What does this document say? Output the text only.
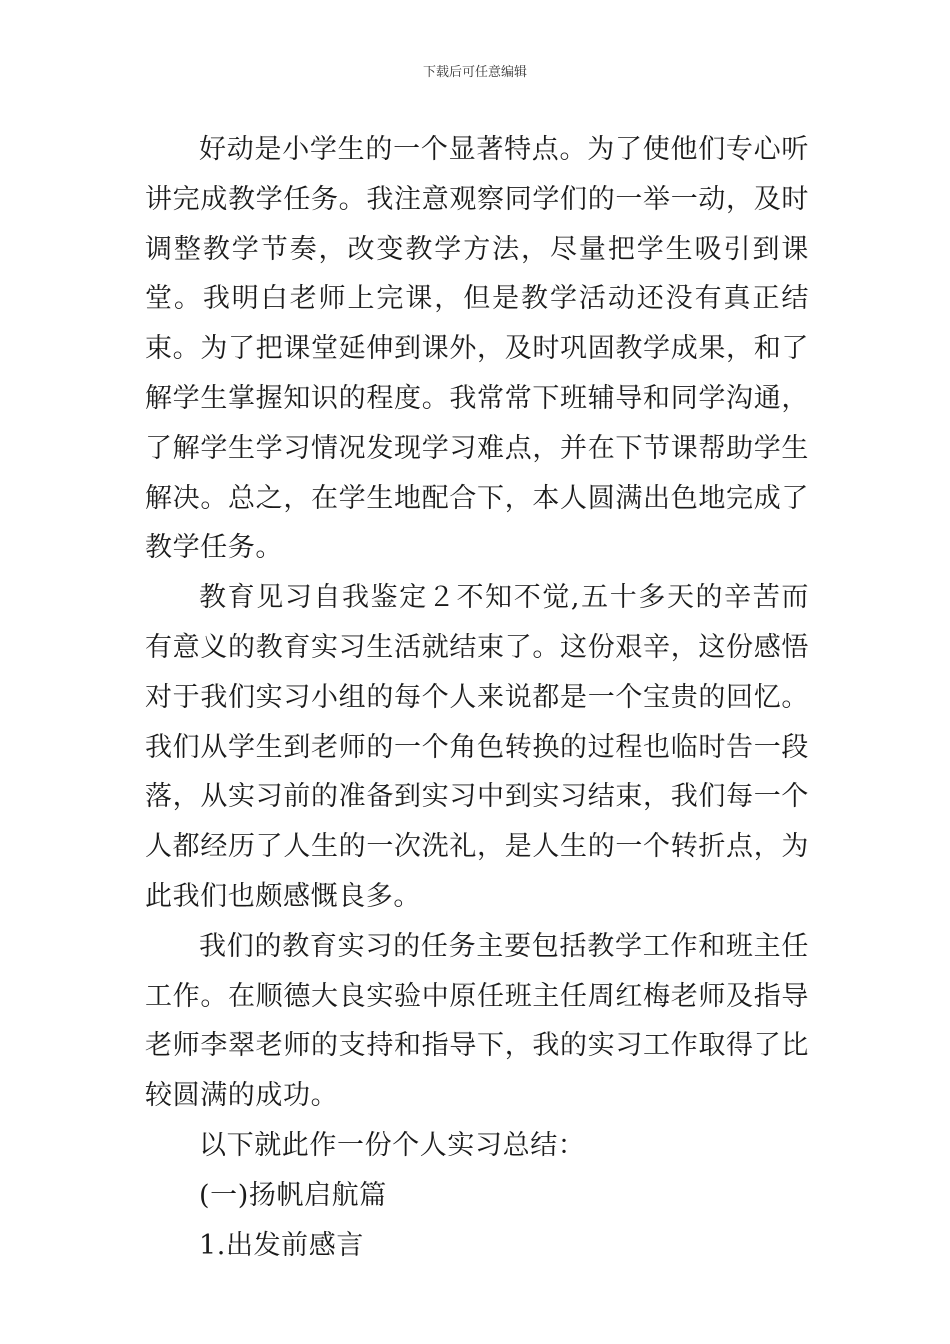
下载后可任意编辑

好动是小学生的一个显著特点。为了使他们专心听讲完成教学任务。我注意观察同学们的一举一动，及时调整教学节奏，改变教学方法，尽量把学生吸引到课堂。我明白老师上完课，但是教学活动还没有真正结束。为了把课堂延伸到课外，及时巩固教学成果，和了解学生掌握知识的程度。我常常下班辅导和同学沟通，了解学生学习情况发现学习难点，并在下节课帮助学生解决。总之，在学生地配合下，本人圆满出色地完成了教学任务。

教育见习自我鉴定２不知不觉,五十多天的辛苦而有意义的教育实习生活就结束了。这份艰辛，这份感悟对于我们实习小组的每个人来说都是一个宝贵的回忆。我们从学生到老师的一个角色转换的过程也临时告一段落，从实习前的准备到实习中到实习结束，我们每一个人都经历了人生的一次洗礼，是人生的一个转折点，为此我们也颇感慨良多。

我们的教育实习的任务主要包括教学工作和班主任工作。在顺德大良实验中原任班主任周红梅老师及指导老师李翠老师的支持和指导下，我的实习工作取得了比较圆满的成功。

以下就此作一份个人实习总结：

(一)扬帆启航篇

1.出发前感言
